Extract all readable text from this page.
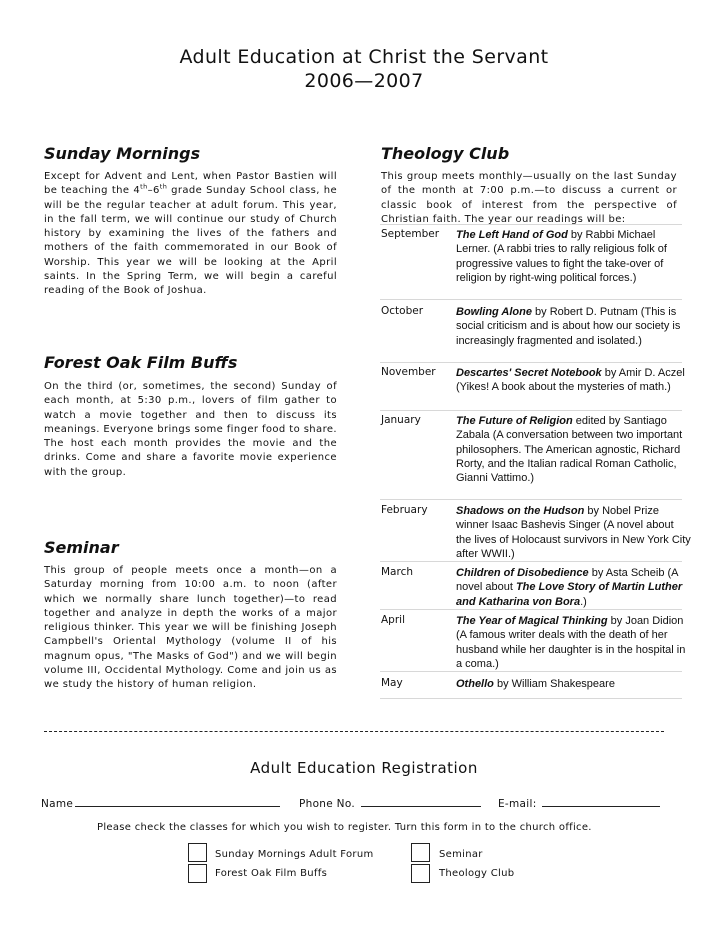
Adult Education at Christ the Servant
2006—2007
Sunday Mornings
Except for Advent and Lent, when Pastor Bastien will be teaching the 4th–6th grade Sunday School class, he will be the regular teacher at adult forum. This year, in the fall term, we will continue our study of Church history by examining the lives of the fathers and mothers of the faith commemorated in our Book of Worship. This year we will be looking at the April saints. In the Spring Term, we will begin a careful reading of the Book of Joshua.
Forest Oak Film Buffs
On the third (or, sometimes, the second) Sunday of each month, at 5:30 p.m., lovers of film gather to watch a movie together and then to discuss its meanings. Everyone brings some finger food to share. The host each month provides the movie and the drinks. Come and share a favorite movie experience with the group.
Seminar
This group of people meets once a month—on a Saturday morning from 10:00 a.m. to noon (after which we normally share lunch together)—to read together and analyze in depth the works of a major religious thinker. This year we will be finishing Joseph Campbell's Oriental Mythology (volume II of his magnum opus, "The Masks of God") and we will begin volume III, Occidental Mythology. Come and join us as we study the history of human religion.
Theology Club
This group meets monthly—usually on the last Sunday of the month at 7:00 p.m.—to discuss a current or classic book of interest from the perspective of Christian faith. The year our readings will be:
September The Left Hand of God by Rabbi Michael Lerner. (A rabbi tries to rally religious folk of progressive values to fight the take-over of religion by right-wing political forces.)
October	Bowling Alone by Robert D. Putnam (This is social criticism and is about how our society is increasingly fragmented and isolated.)
November Descartes' Secret Notebook by Amir D. Aczel (Yikes! A book about the mysteries of math.)
January	The Future of Religion edited by Santiago Zabala (A conversation between two important philosophers. The American agnostic, Richard Rorty, and the Italian radical Roman Catholic, Gianni Vattimo.)
February	Shadows on the Hudson by Nobel Prize winner Isaac Bashevis Singer (A novel about the lives of Holocaust survivors in New York City after WWII.)
March	Children of Disobedience by Asta Scheib (A novel about The Love Story of Martin Luther and Katharina von Bora.)
April	The Year of Magical Thinking by Joan Didion (A famous writer deals with the death of her husband while her daughter is in the hospital in a coma.)
May	Othello by William Shakespeare
Adult Education Registration
Name	Phone No.	E-mail:
Please check the classes for which you wish to register. Turn this form in to the church office.
Sunday Mornings Adult Forum	Seminar
Forest Oak Film Buffs	Theology Club
